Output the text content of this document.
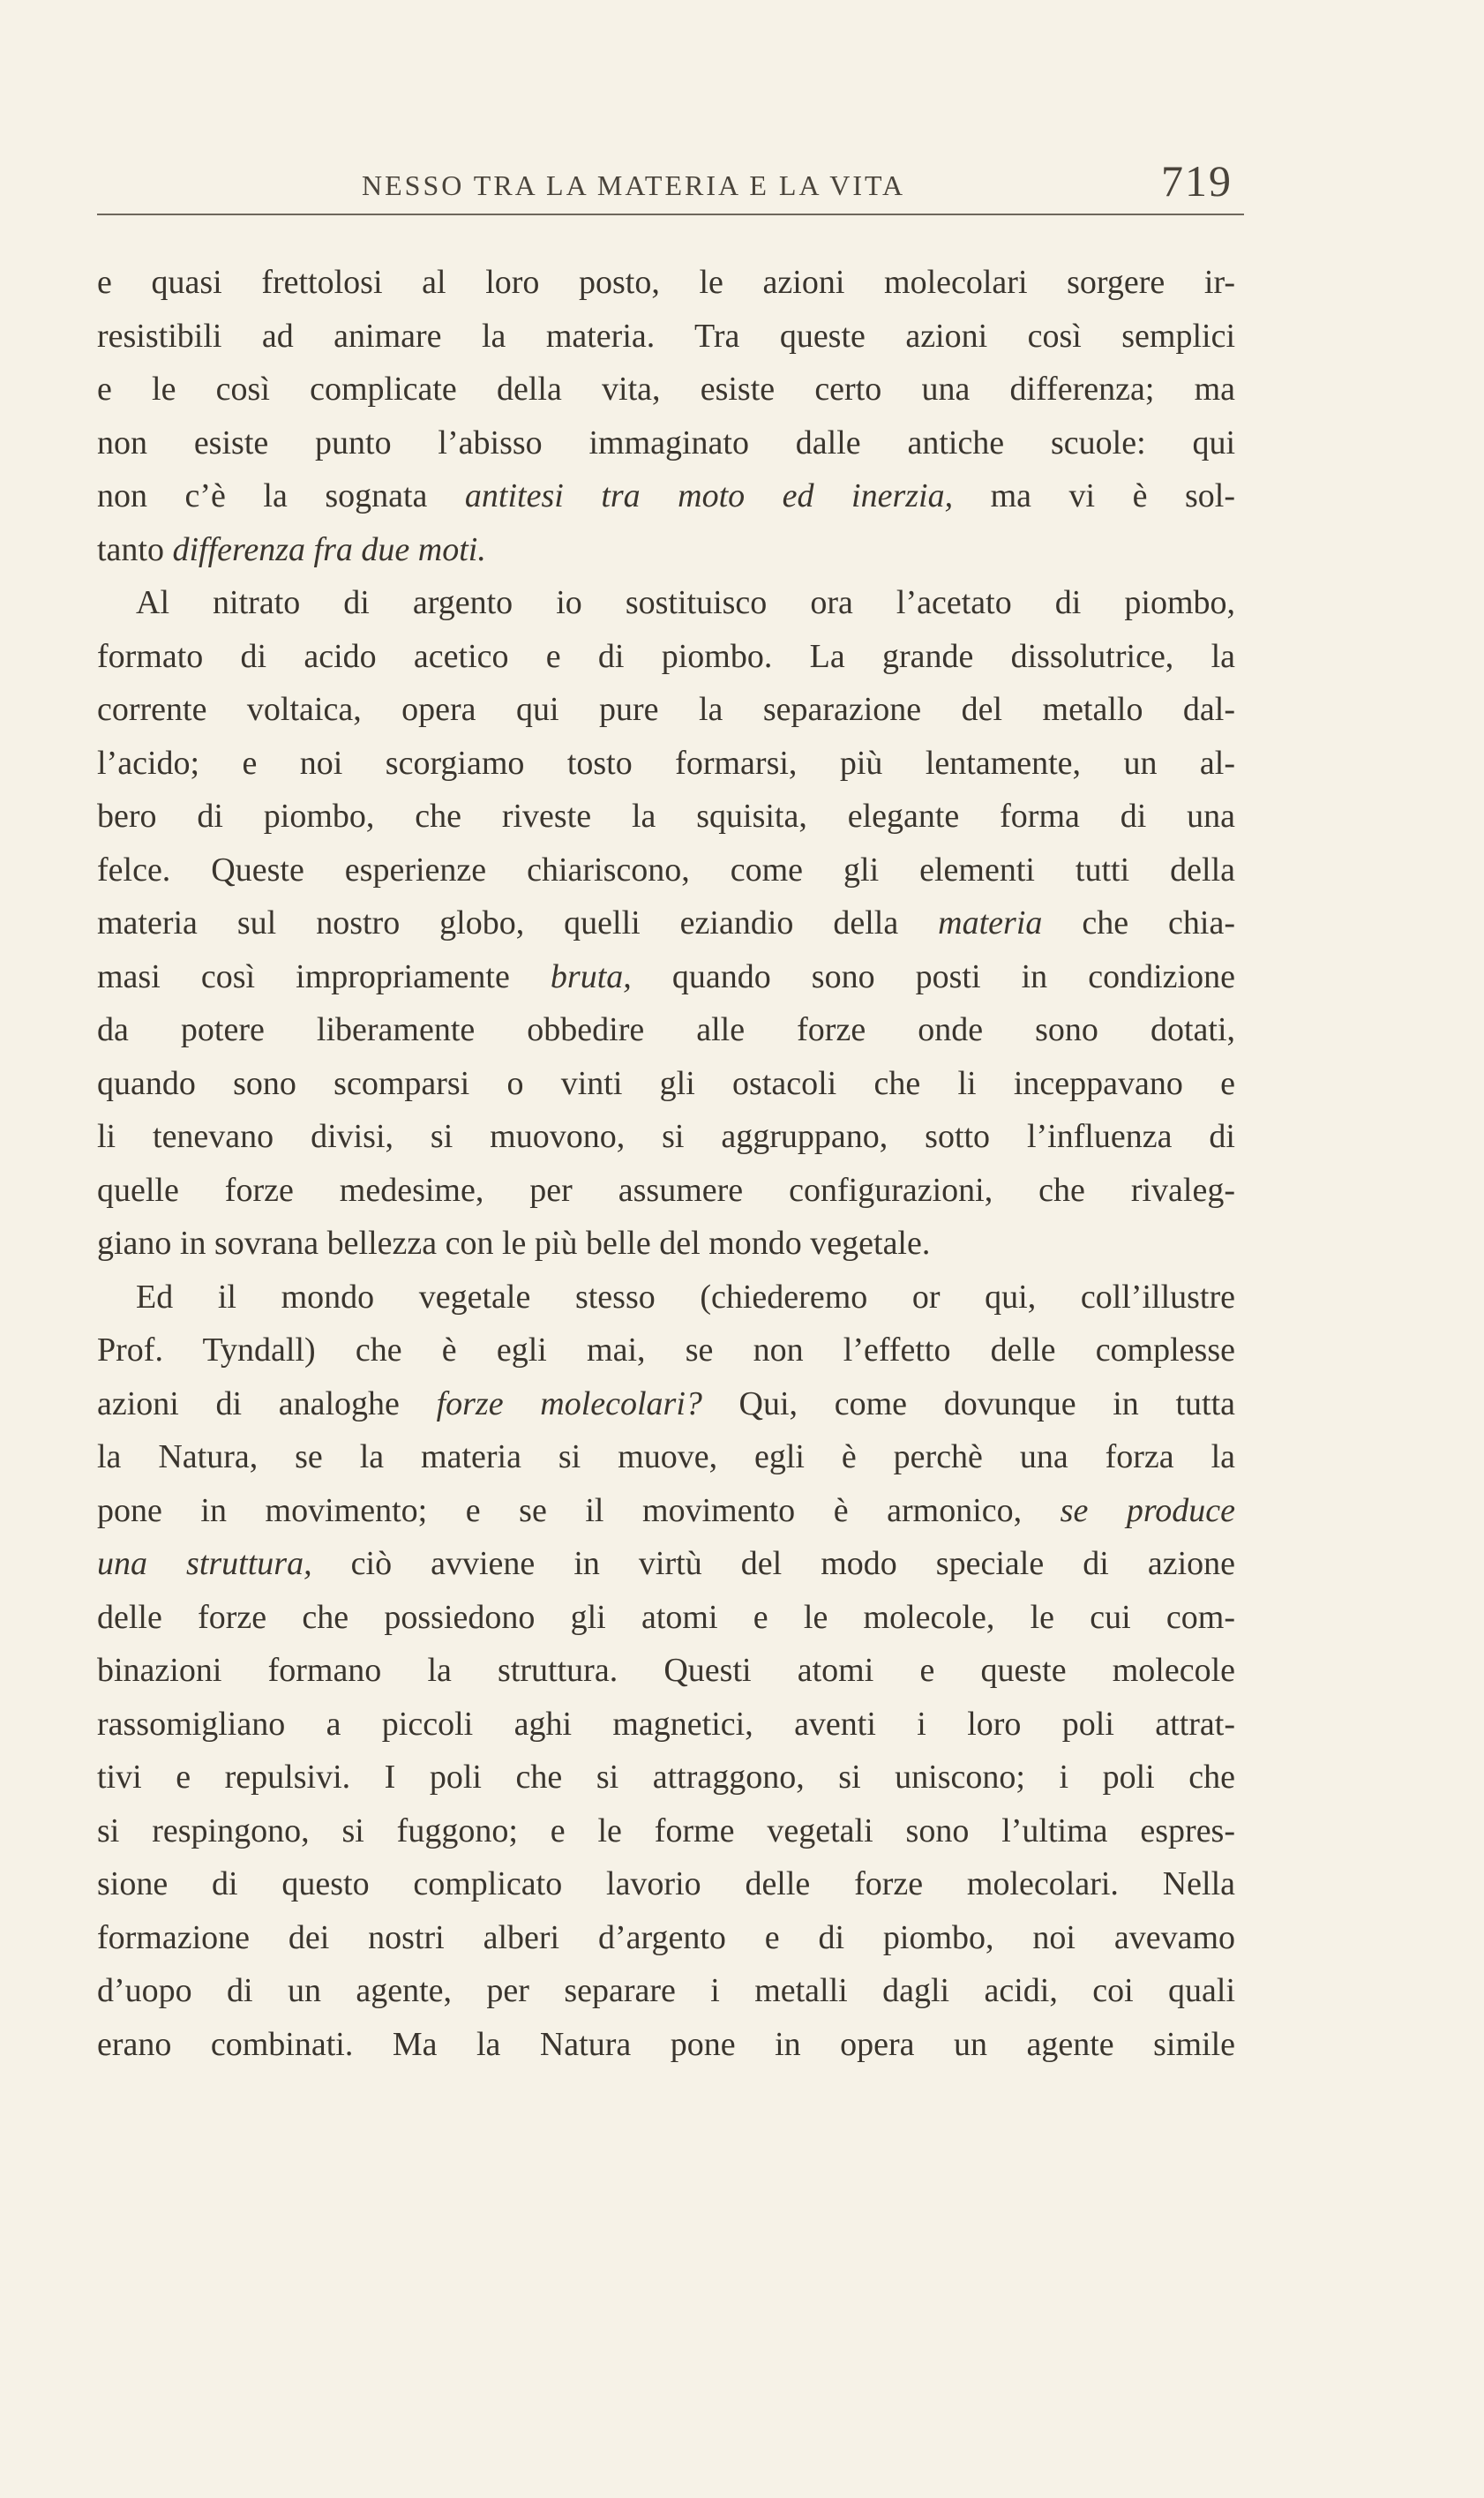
NESSO TRA LA MATERIA E LA VITA	719
e quasi frettolosi al loro posto, le azioni molecolari sorgere ir-
resistibili ad animare la materia. Tra queste azioni così semplici
e le così complicate della vita, esiste certo una differenza; ma
non esiste punto l’abisso immaginato dalle antiche scuole: qui
non c’è la sognata antitesi tra moto ed inerzia, ma vi è sol-
tanto differenza fra due moti.
Al nitrato di argento io sostituisco ora l’acetato di piombo,
formato di acido acetico e di piombo. La grande dissolutrice, la
corrente voltaica, opera qui pure la separazione del metallo dal-
l’acido; e noi scorgiamo tosto formarsi, più lentamente, un al-
bero di piombo, che riveste la squisita, elegante forma di una
felce. Queste esperienze chiariscono, come gli elementi tutti della
materia sul nostro globo, quelli eziandio della materia che chia-
masi così impropriamente bruta, quando sono posti in condizione
da potere liberamente obbedire alle forze onde sono dotati,
quando sono scomparsi o vinti gli ostacoli che li inceppavano e
li tenevano divisi, si muovono, si aggruppano, sotto l’influenza di
quelle forze medesime, per assumere configurazioni, che rivaleg-
giano in sovrana bellezza con le più belle del mondo vegetale.
Ed il mondo vegetale stesso (chiederemo or qui, coll’illustre
Prof. Tyndall) che è egli mai, se non l’effetto delle complesse
azioni di analoghe forze molecolari? Qui, come dovunque in tutta
la Natura, se la materia si muove, egli è perchè una forza la
pone in movimento; e se il movimento è armonico, se produce
una struttura, ciò avviene in virtù del modo speciale di azione
delle forze che possiedono gli atomi e le molecole, le cui com-
binazioni formano la struttura. Questi atomi e queste molecole
rassomigliano a piccoli aghi magnetici, aventi i loro poli attrat-
tivi e repulsivi. I poli che si attraggono, si uniscono; i poli che
si respingono, si fuggono; e le forme vegetali sono l’ultima espres-
sione di questo complicato lavorio delle forze molecolari. Nella
formazione dei nostri alberi d’argento e di piombo, noi avevamo
d’uopo di un agente, per separare i metalli dagli acidi, coi quali
erano combinati. Ma la Natura pone in opera un agente simile
